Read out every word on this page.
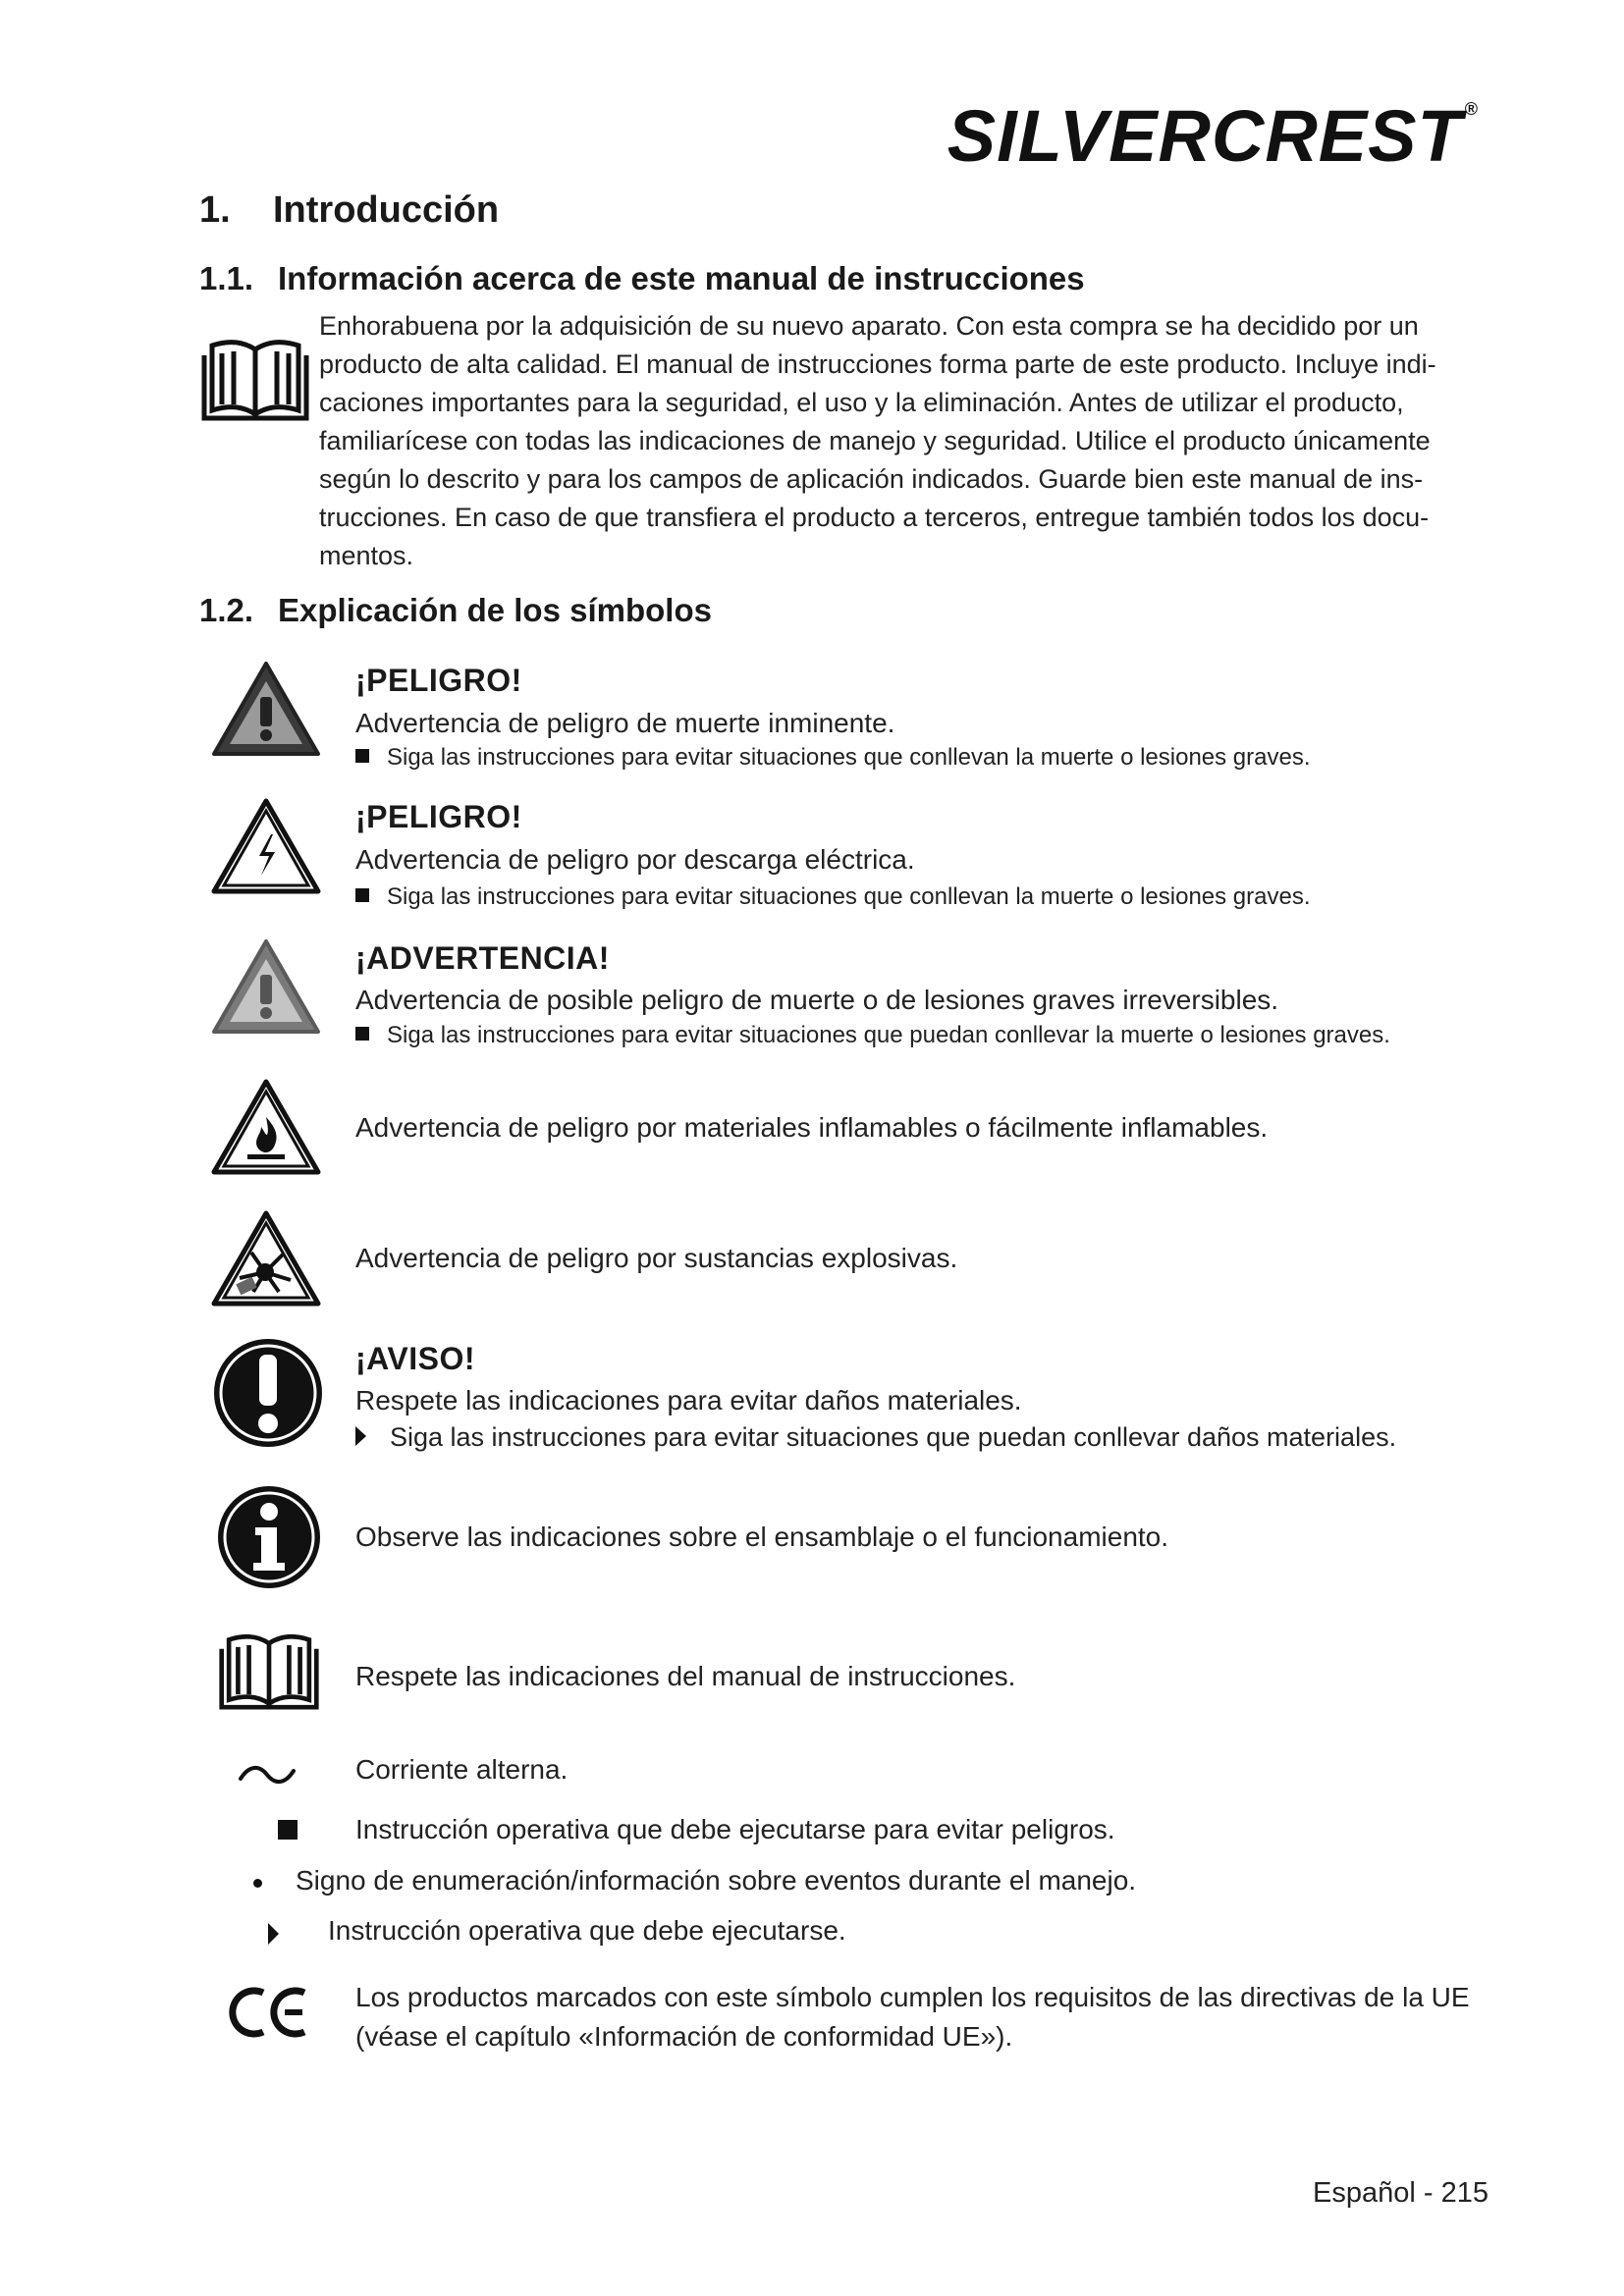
SILVERCREST ®
1. Introducción
1.1. Información acerca de este manual de instrucciones
Enhorabuena por la adquisición de su nuevo aparato. Con esta compra se ha decidido por un
producto de alta calidad. El manual de instrucciones forma parte de este producto. Incluye indi-
caciones importantes para la seguridad, el uso y la eliminación. Antes de utilizar el producto,
familiarícese con todas las indicaciones de manejo y seguridad. Utilice el producto únicamente
según lo descrito y para los campos de aplicación indicados. Guarde bien este manual de ins-
trucciones. En caso de que transfiera el producto a terceros, entregue también todos los docu-
mentos.
1.2. Explicación de los símbolos
¡PELIGRO!
Advertencia de peligro de muerte inminente.
Siga las instrucciones para evitar situaciones que conllevan la muerte o lesiones graves.
¡PELIGRO!
Advertencia de peligro por descarga eléctrica.
Siga las instrucciones para evitar situaciones que conllevan la muerte o lesiones graves.
¡ADVERTENCIA!
Advertencia de posible peligro de muerte o de lesiones graves irreversibles.
Siga las instrucciones para evitar situaciones que puedan conllevar la muerte o lesiones graves.
Advertencia de peligro por materiales inflamables o fácilmente inflamables.
Advertencia de peligro por sustancias explosivas.
¡AVISO!
Respete las indicaciones para evitar daños materiales.
Siga las instrucciones para evitar situaciones que puedan conllevar daños materiales.
Observe las indicaciones sobre el ensamblaje o el funcionamiento.
Respete las indicaciones del manual de instrucciones.
Corriente alterna.
Instrucción operativa que debe ejecutarse para evitar peligros.
Signo de enumeración/información sobre eventos durante el manejo.
Instrucción operativa que debe ejecutarse.
Los productos marcados con este símbolo cumplen los requisitos de las directivas de la UE
(véase el capítulo «Información de conformidad UE»).
Español - 215
